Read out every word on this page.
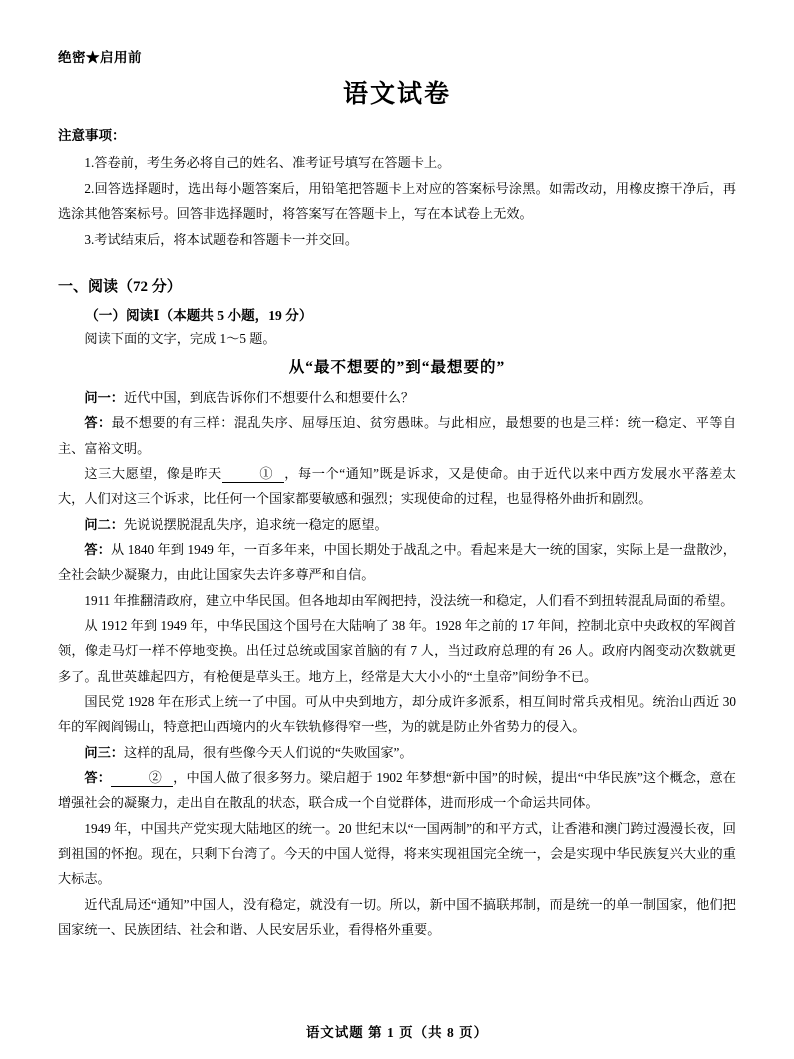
绝密★启用前
语文试卷
注意事项：

1.答卷前，考生务必将自己的姓名、准考证号填写在答题卡上。

2.回答选择题时，选出每小题答案后，用铅笔把答题卡上对应的答案标号涂黑。如需改动，用橡皮擦干净后，再选涂其他答案标号。回答非选择题时，将答案写在答题卡上，写在本试卷上无效。

3.考试结束后，将本试题卷和答题卡一并交回。

一、阅读（72 分）
（一）阅读Ⅰ（本题共 5 小题，19 分）

阅读下面的文字，完成 1～5 题。

从“最不想要的”到“最想要的”

问一：近代中国，到底告诉你们不想要什么和想要什么？

答：最不想要的有三样：混乱失序、屈辱压迫、贫穷愚昧。与此相应，最想要的也是三样：统一稳定、平等自主、富裕文明。

这三大愿望，像是昨天	① ，每一个“通知”既是诉求，又是使命。由于近代以来中西方发展水平落差太大，人们对这三个诉求，比任何一个国家都要敏感和强烈；实现使命的过程，也显得格外曲折和剧烈。

问二：先说说摆脱混乱失序，追求统一稳定的愿望。

答：从 1840 年到 1949 年，一百多年来，中国长期处于战乱之中。看起来是大一统的国家，实际上是一盘散沙，全社会缺少凝聚力，由此让国家失去许多尊严和自信。

1911 年推翻清政府，建立中华民国。但各地却由军阀把持，没法统一和稳定，人们看不到扭转混乱局面的希望。

从 1912 年到 1949 年，中华民国这个国号在大陆响了 38 年。1928 年之前的 17 年间，控制北京中央政权的军阀首领，像走马灯一样不停地变换。出任过总统或国家首脑的有 7 人，当过政府总理的有 26 人。政府内阁变动次数就更多了。乱世英雄起四方，有枪便是草头王。地方上，经常是大大小小的“土皇帝”间纷争不已。

国民党 1928 年在形式上统一了中国。可从中央到地方，却分成许多派系，相互间时常兵戎相见。统治山西近 30 年的军阀阎锡山，特意把山西境内的火车铁轨修得窄一些，为的就是防止外省势力的侵入。

问三：这样的乱局，很有些像今天人们说的“失败国家”。

答：	② ，中国人做了很多努力。梁启超于 1902 年梦想“新中国”的时候，提出“中华民族”这个概念，意在增强社会的凝聚力，走出自在散乱的状态，联合成一个自觉群体，进而形成一个命运共同体。

1949 年，中国共产党实现大陆地区的统一。20 世纪末以“一国两制”的和平方式，让香港和澳门跨过漫漫长夜，回到祖国的怀抱。现在，只剩下台湾了。今天的中国人觉得，将来实现祖国完全统一，会是实现中华民族复兴大业的重大标志。

近代乱局还“通知”中国人，没有稳定，就没有一切。所以，新中国不搞联邦制，而是统一的单一制国家，他们把国家统一、民族团结、社会和谐、人民安居乐业，看得格外重要。

语文试题 第 1 页（共 8 页）
